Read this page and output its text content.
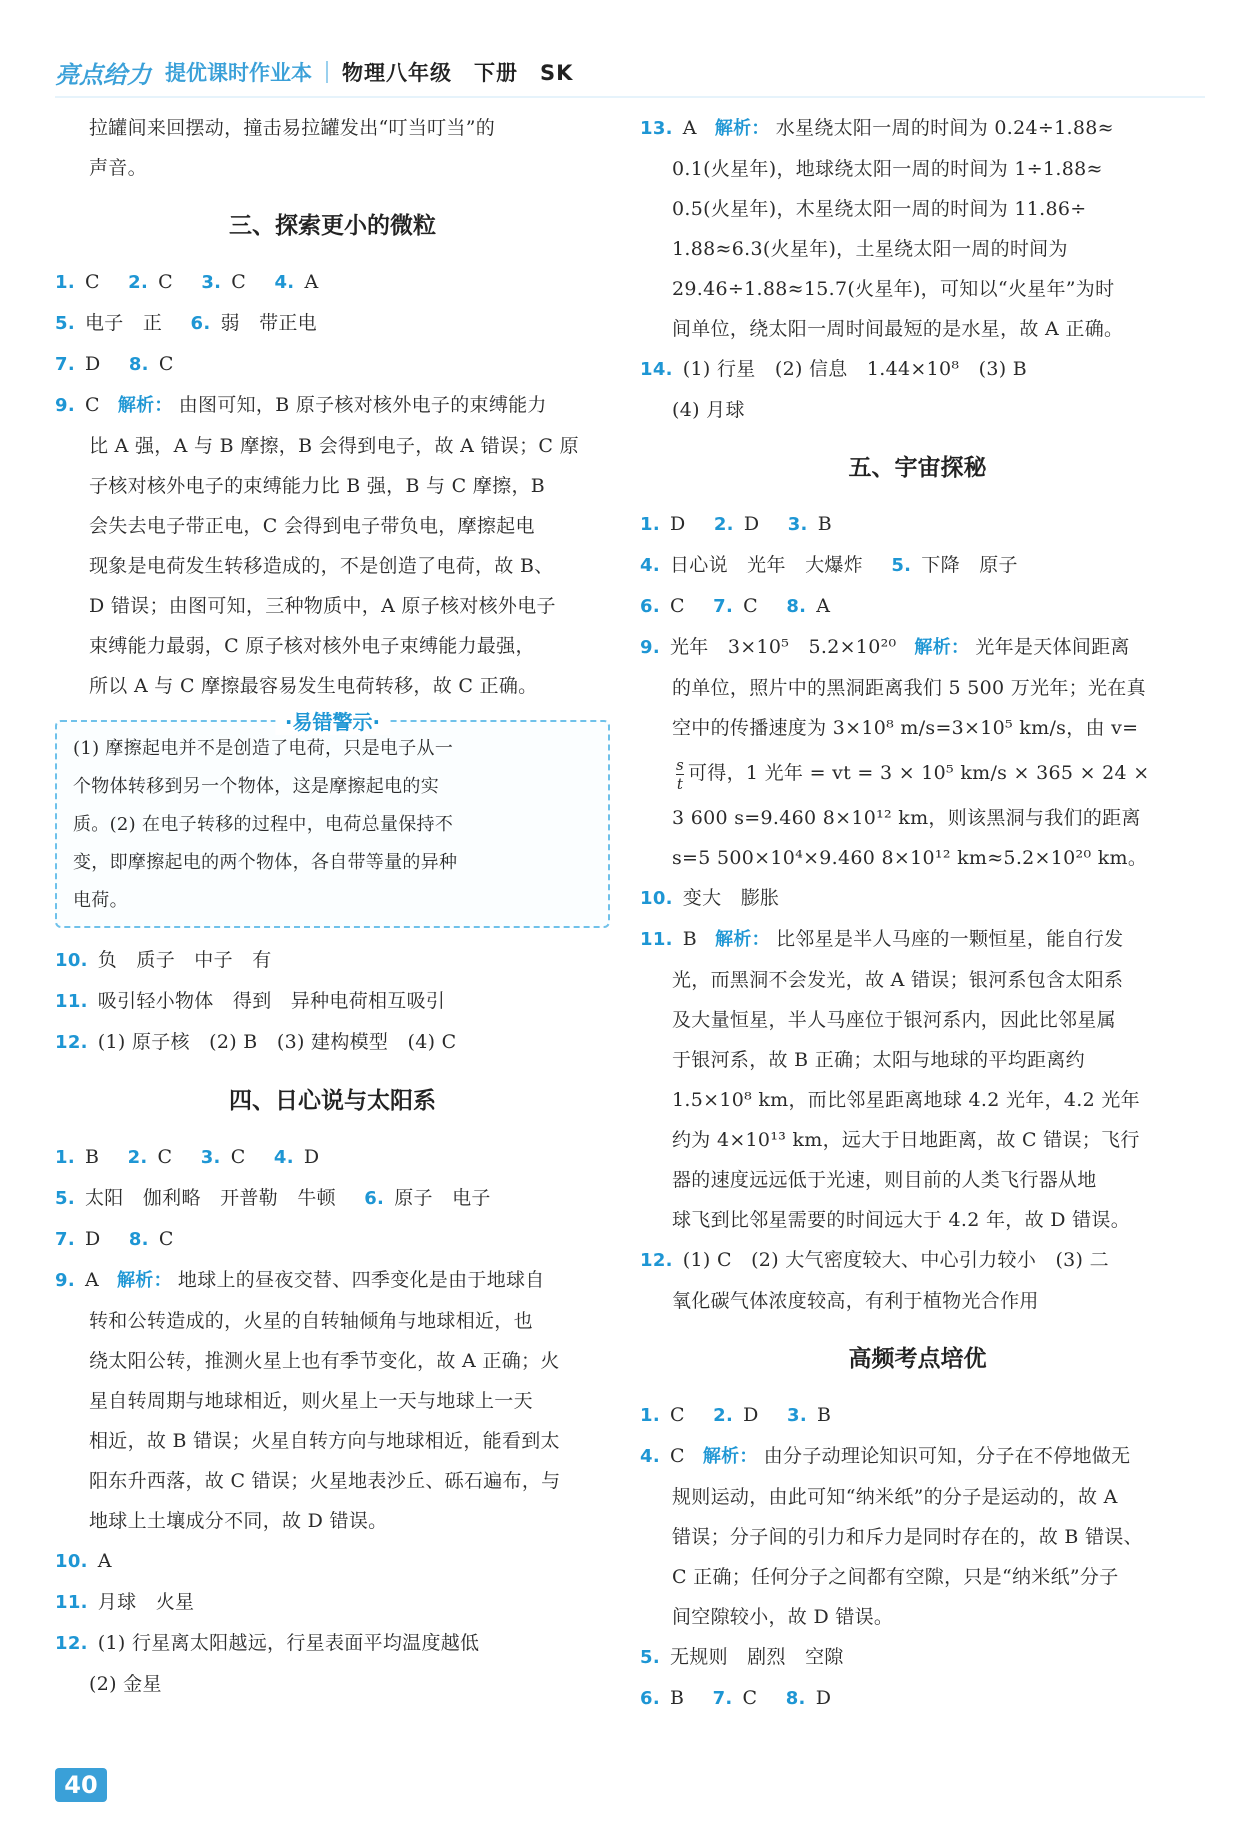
亮点给力 提优课时作业本 物理八年级　下册　SK
拉罐间来回摆动，撞击易拉罐发出“叮当叮当”的
声音。
三、探索更小的微粒
1. C 2. C 3. C 4. A
5. 电子　正 6. 弱　带正电
7. D 8. C
9. C 解析： 由图可知，B 原子核对核外电子的束缚能力
比 A 强，A 与 B 摩擦，B 会得到电子，故 A 错误；C 原
子核对核外电子的束缚能力比 B 强，B 与 C 摩擦，B
会失去电子带正电，C 会得到电子带负电，摩擦起电
现象是电荷发生转移造成的，不是创造了电荷，故 B、
D 错误；由图可知，三种物质中，A 原子核对核外电子
束缚能力最弱，C 原子核对核外电子束缚能力最强，
所以 A 与 C 摩擦最容易发生电荷转移，故 C 正确。
·易错警示·
(1) 摩擦起电并不是创造了电荷，只是电子从一
个物体转移到另一个物体，这是摩擦起电的实
质。(2) 在电子转移的过程中，电荷总量保持不
变，即摩擦起电的两个物体，各自带等量的异种
电荷。
10. 负　质子　中子　有
11. 吸引轻小物体　得到　异种电荷相互吸引
12. (1) 原子核　(2) B　(3) 建构模型　(4) C
四、日心说与太阳系
1. B 2. C 3. C 4. D
5. 太阳　伽利略　开普勒　牛顿 6. 原子　电子
7. D 8. C
9. A 解析： 地球上的昼夜交替、四季变化是由于地球自
转和公转造成的，火星的自转轴倾角与地球相近，也
绕太阳公转，推测火星上也有季节变化，故 A 正确；火
星自转周期与地球相近，则火星上一天与地球上一天
相近，故 B 错误；火星自转方向与地球相近，能看到太
阳东升西落，故 C 错误；火星地表沙丘、砾石遍布，与
地球上土壤成分不同，故 D 错误。
10. A
11. 月球　火星
12. (1) 行星离太阳越远，行星表面平均温度越低
(2) 金星
13. A 解析： 水星绕太阳一周的时间为 0.24÷1.88≈
0.1(火星年)，地球绕太阳一周的时间为 1÷1.88≈
0.5(火星年)，木星绕太阳一周的时间为 11.86÷
1.88≈6.3(火星年)，土星绕太阳一周的时间为
29.46÷1.88≈15.7(火星年)，可知以“火星年”为时
间单位，绕太阳一周时间最短的是水星，故 A 正确。
14. (1) 行星　(2) 信息　1.44×10⁸　(3) B
(4) 月球
五、宇宙探秘
1. D 2. D 3. B
4. 日心说　光年　大爆炸 5. 下降　原子
6. C 7. C 8. A
9. 光年　3×10⁵　5.2×10²⁰ 解析： 光年是天体间距离
的单位，照片中的黑洞距离我们 5 500 万光年；光在真
空中的传播速度为 3×10⁸ m/s=3×10⁵ km/s，由 v=
$\frac{s}{t}$ 可得，1 光年 = vt = 3 × 10⁵ km/s × 365 × 24 ×
3 600 s=9.460 8×10¹² km，则该黑洞与我们的距离
s=5 500×10⁴×9.460 8×10¹² km≈5.2×10²⁰ km。
10. 变大　膨胀
11. B 解析： 比邻星是半人马座的一颗恒星，能自行发
光，而黑洞不会发光，故 A 错误；银河系包含太阳系
及大量恒星，半人马座位于银河系内，因此比邻星属
于银河系，故 B 正确；太阳与地球的平均距离约
1.5×10⁸ km，而比邻星距离地球 4.2 光年，4.2 光年
约为 4×10¹³ km，远大于日地距离，故 C 错误；飞行
器的速度远远低于光速，则目前的人类飞行器从地
球飞到比邻星需要的时间远大于 4.2 年，故 D 错误。
12. (1) C　(2) 大气密度较大、中心引力较小　(3) 二
氧化碳气体浓度较高，有利于植物光合作用
高频考点培优
1. C 2. D 3. B
4. C 解析： 由分子动理论知识可知，分子在不停地做无
规则运动，由此可知“纳米纸”的分子是运动的，故 A
错误；分子间的引力和斥力是同时存在的，故 B 错误、
C 正确；任何分子之间都有空隙，只是“纳米纸”分子
间空隙较小，故 D 错误。
5. 无规则　剧烈　空隙
6. B 7. C 8. D
40
